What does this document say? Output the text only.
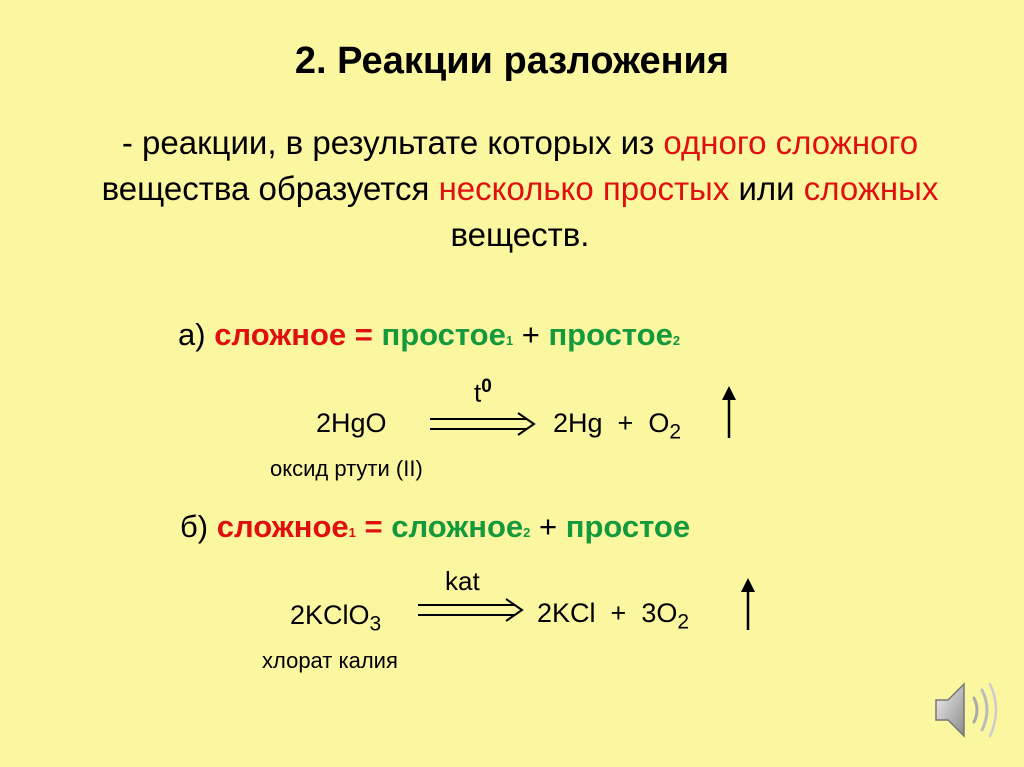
2. Реакции разложения
- реакции, в результате которых из одного сложного вещества образуется несколько простых или сложных веществ.
а) сложное = простое1 + простое2
2HgO
$t^0$
$2Hg + O_2$
оксид ртути (II)
б) сложное1 = сложное2 + простое
2KClO$_3$
kat
$2KCl + 3O_2$
хлорат калия
